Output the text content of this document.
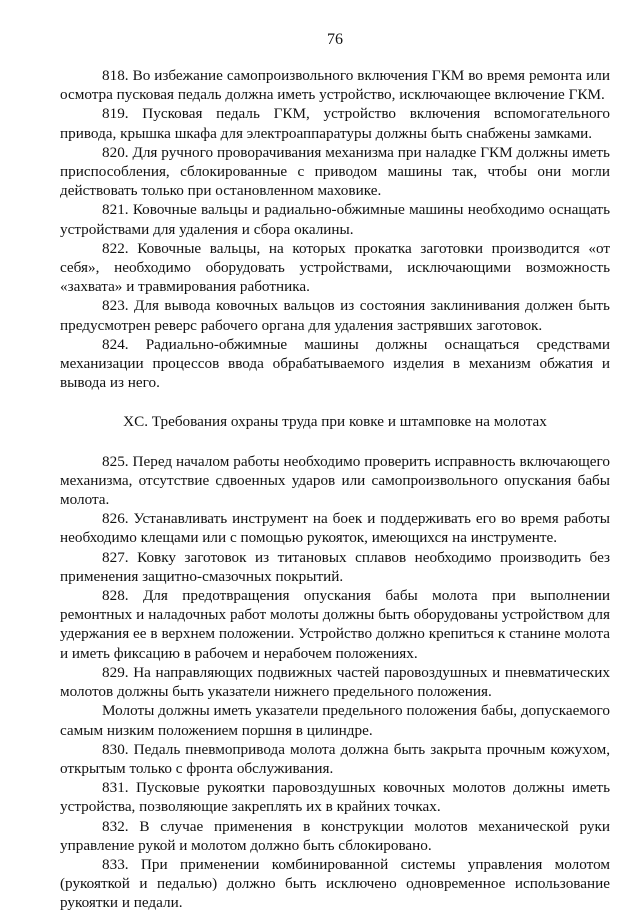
76

818. Во избежание самопроизвольного включения ГКМ во время ремонта или осмотра пусковая педаль должна иметь устройство, исключающее включение ГКМ.

819. Пусковая педаль ГКМ, устройство включения вспомогательного привода, крышка шкафа для электроаппаратуры должны быть снабжены замками.

820. Для ручного проворачивания механизма при наладке ГКМ должны иметь приспособления, сблокированные с приводом машины так, чтобы они могли действовать только при остановленном маховике.

821. Ковочные вальцы и радиально-обжимные машины необходимо оснащать устройствами для удаления и сбора окалины.

822. Ковочные вальцы, на которых прокатка заготовки производится «от себя», необходимо оборудовать устройствами, исключающими возможность «захвата» и травмирования работника.

823. Для вывода ковочных вальцов из состояния заклинивания должен быть предусмотрен реверс рабочего органа для удаления застрявших заготовок.

824. Радиально-обжимные машины должны оснащаться средствами механизации процессов ввода обрабатываемого изделия в механизм обжатия и вывода из него.

XC. Требования охраны труда при ковке и штамповке на молотах

825. Перед началом работы необходимо проверить исправность включающего механизма, отсутствие сдвоенных ударов или самопроизвольного опускания бабы молота.

826. Устанавливать инструмент на боек и поддерживать его во время работы необходимо клещами или с помощью рукояток, имеющихся на инструменте.

827. Ковку заготовок из титановых сплавов необходимо производить без применения защитно-смазочных покрытий.

828. Для предотвращения опускания бабы молота при выполнении ремонтных и наладочных работ молоты должны быть оборудованы устройством для удержания ее в верхнем положении. Устройство должно крепиться к станине молота и иметь фиксацию в рабочем и нерабочем положениях.

829. На направляющих подвижных частей паровоздушных и пневматических молотов должны быть указатели нижнего предельного положения.

Молоты должны иметь указатели предельного положения бабы, допускаемого самым низким положением поршня в цилиндре.

830. Педаль пневмопривода молота должна быть закрыта прочным кожухом, открытым только с фронта обслуживания.

831. Пусковые рукоятки паровоздушных ковочных молотов должны иметь устройства, позволяющие закреплять их в крайних точках.

832. В случае применения в конструкции молотов механической руки управление рукой и молотом должно быть сблокировано.

833. При применении комбинированной системы управления молотом (рукояткой и педалью) должно быть исключено одновременное использование рукоятки и педали.
